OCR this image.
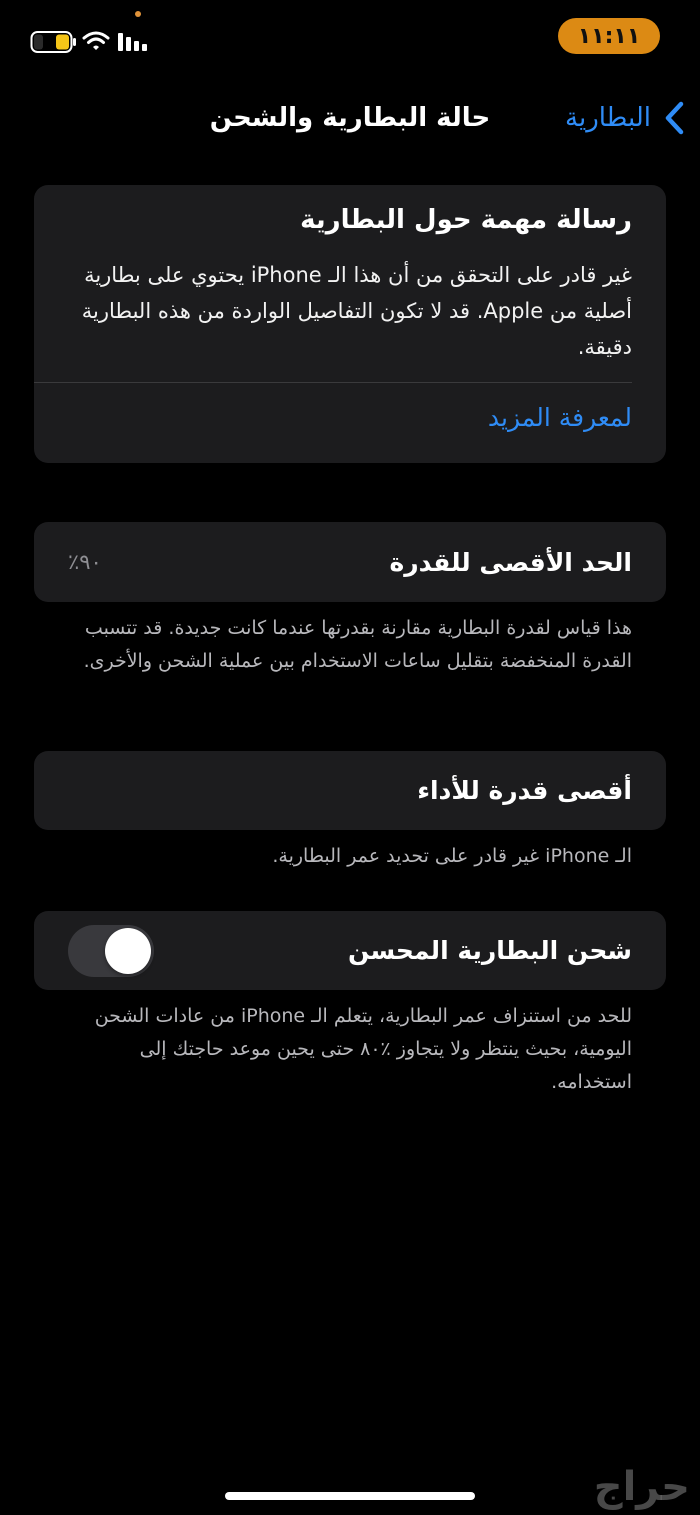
١١:١١
حالة البطارية والشحن	البطارية
رسالة مهمة حول البطارية
غير قادر على التحقق من أن هذا الـ iPhone يحتوي على بطارية أصلية من Apple. قد لا تكون التفاصيل الواردة من هذه البطارية دقيقة.
لمعرفة المزيد
٪٩٠	الحد الأقصى للقدرة
هذا قياس لقدرة البطارية مقارنة بقدرتها عندما كانت جديدة. قد تتسبب القدرة المنخفضة بتقليل ساعات الاستخدام بين عملية الشحن والأخرى.
أقصى قدرة للأداء
الـ iPhone غير قادر على تحديد عمر البطارية.
شحن البطارية المحسن
للحد من استنزاف عمر البطارية، يتعلم الـ iPhone من عادات الشحن اليومية، بحيث ينتظر ولا يتجاوز ٪٨٠ حتى يحين موعد حاجتك إلى استخدامه.
حراج
